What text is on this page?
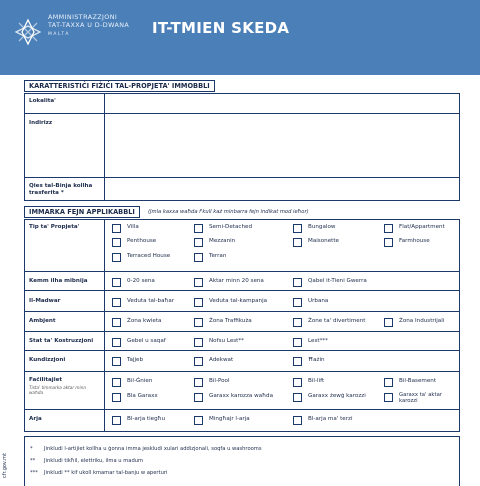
AMMINISTRAZZJONI
TAT-TAXXA U D-DWANA
MALTA	IT-TMIEN SKEDA
KARATTERISTIĊI FIŻIĊI TAL-PROPJETA' IMMOBBLI
Lokalita'
Indirizz
Qies tal-Binja kollha trasferita *
IMMARKA FEJN APPLIKABBLI	(Jmla kaxxa waħda f'kull każ minbarra fejn indikat mod ieħor)
Tip ta' Propjeta'	Villa	Semi-Detached	Bungalow	Flat/Appartment
Penthouse	Mezzanin	Maisonette	Farmhouse
Terraced House	Terran
Kemm ilha mibnija	0-20 sena	Aktar minn 20 sena	Qabel it-Tieni Gwerra
Il-Madwar	Veduta tal-baħar	Veduta tal-kampanja	Urbana
Ambjent	Żona kwieta	Żona Traffikuża	Żone ta' divertiment	Żona Industrijali
Stat ta' Kostruzzjoni	Gebel u saqaf	Nofsu Lest**	Lest***
Kundizzjoni	Tajjeb	Adekwat	Ħażin
Faċilitajiet
Tista' timmarka aktar minn waħda
Bil-Ġnien	Bil-Pool	Bil-lift	Bil-Basement
Bla Garaxx	Garaxx karozza waħda	Garaxx żewġ karozzi	Garaxx ta' aktar karozzi
Arja	Bl-arja tiegħu	Mingħajr l-arja	Bl-arja ma' terzi
* Jinkludi l-artijiet kollha u ġonna imma jeskludi xulari addizjonali, soqfa u washrooms
** Jinkludi tikħil, elettriku, ilma u madum
*** Jinkludi ** kif ukoll kmamar tal-banju w aperturi
cfr.gov.mt
